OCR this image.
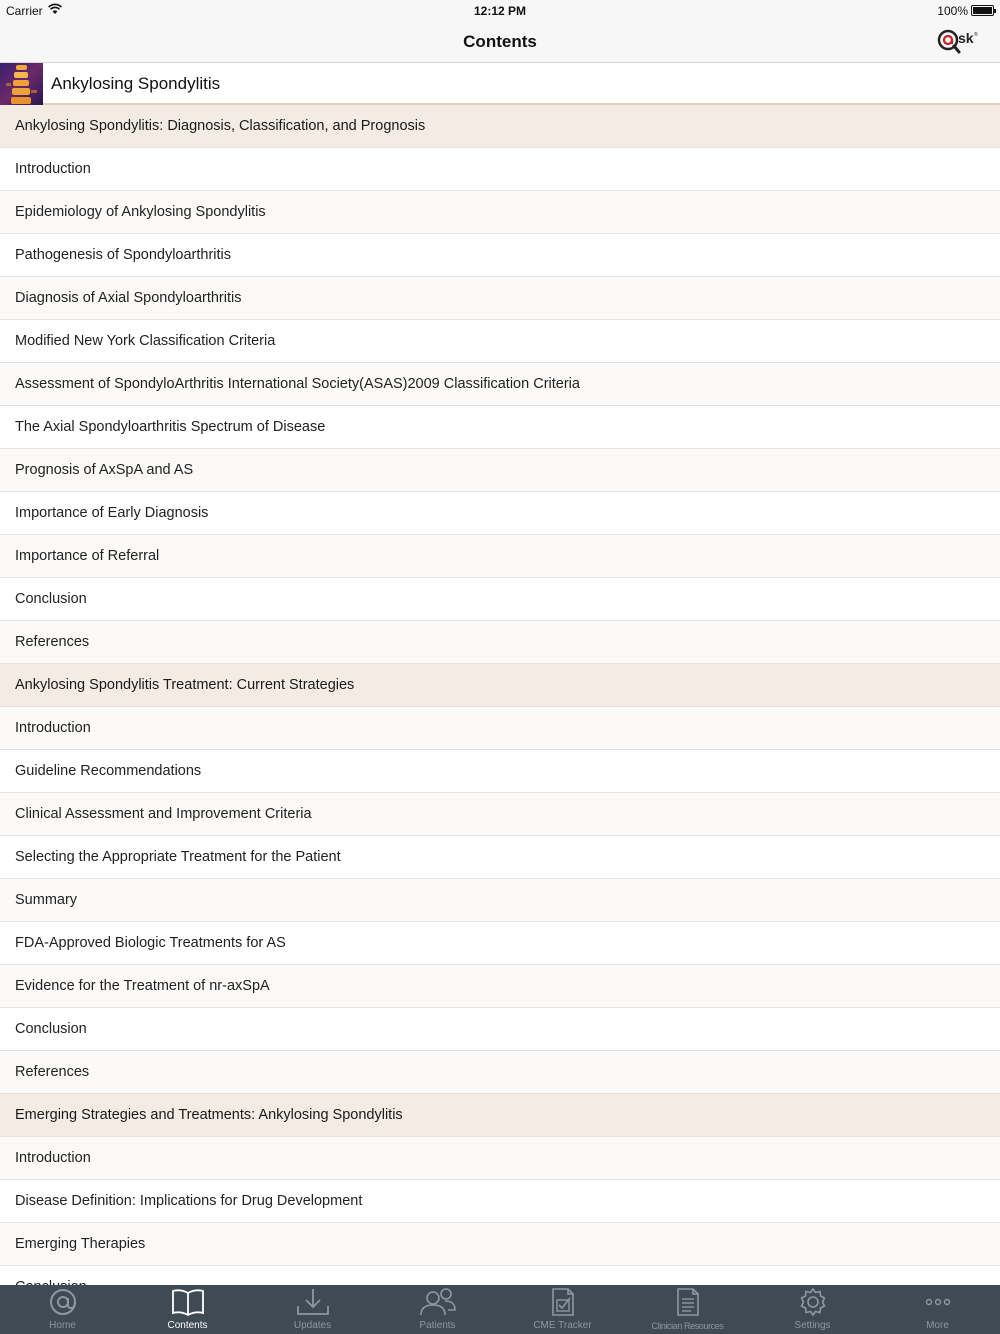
Carrier	12:12 PM	100%
Contents	sk ®
Ankylosing Spondylitis
Ankylosing Spondylitis: Diagnosis, Classification, and Prognosis
Introduction
Epidemiology of Ankylosing Spondylitis
Pathogenesis of Spondyloarthritis
Diagnosis of Axial Spondyloarthritis
Modified New York Classification Criteria
Assessment of SpondyloArthritis International Society(ASAS)2009 Classification Criteria
The Axial Spondyloarthritis Spectrum of Disease
Prognosis of AxSpA and AS
Importance of Early Diagnosis
Importance of Referral
Conclusion
References
Ankylosing Spondylitis Treatment: Current Strategies
Introduction
Guideline Recommendations
Clinical Assessment and Improvement Criteria
Selecting the Appropriate Treatment for the Patient
Summary
FDA-Approved Biologic Treatments for AS
Evidence for the Treatment of nr-axSpA
Conclusion
References
Emerging Strategies and Treatments: Ankylosing Spondylitis
Introduction
Disease Definition: Implications for Drug Development
Emerging Therapies
Home	Contents	Updates	Patients	CME Tracker	Clinician Resources	Settings	More
